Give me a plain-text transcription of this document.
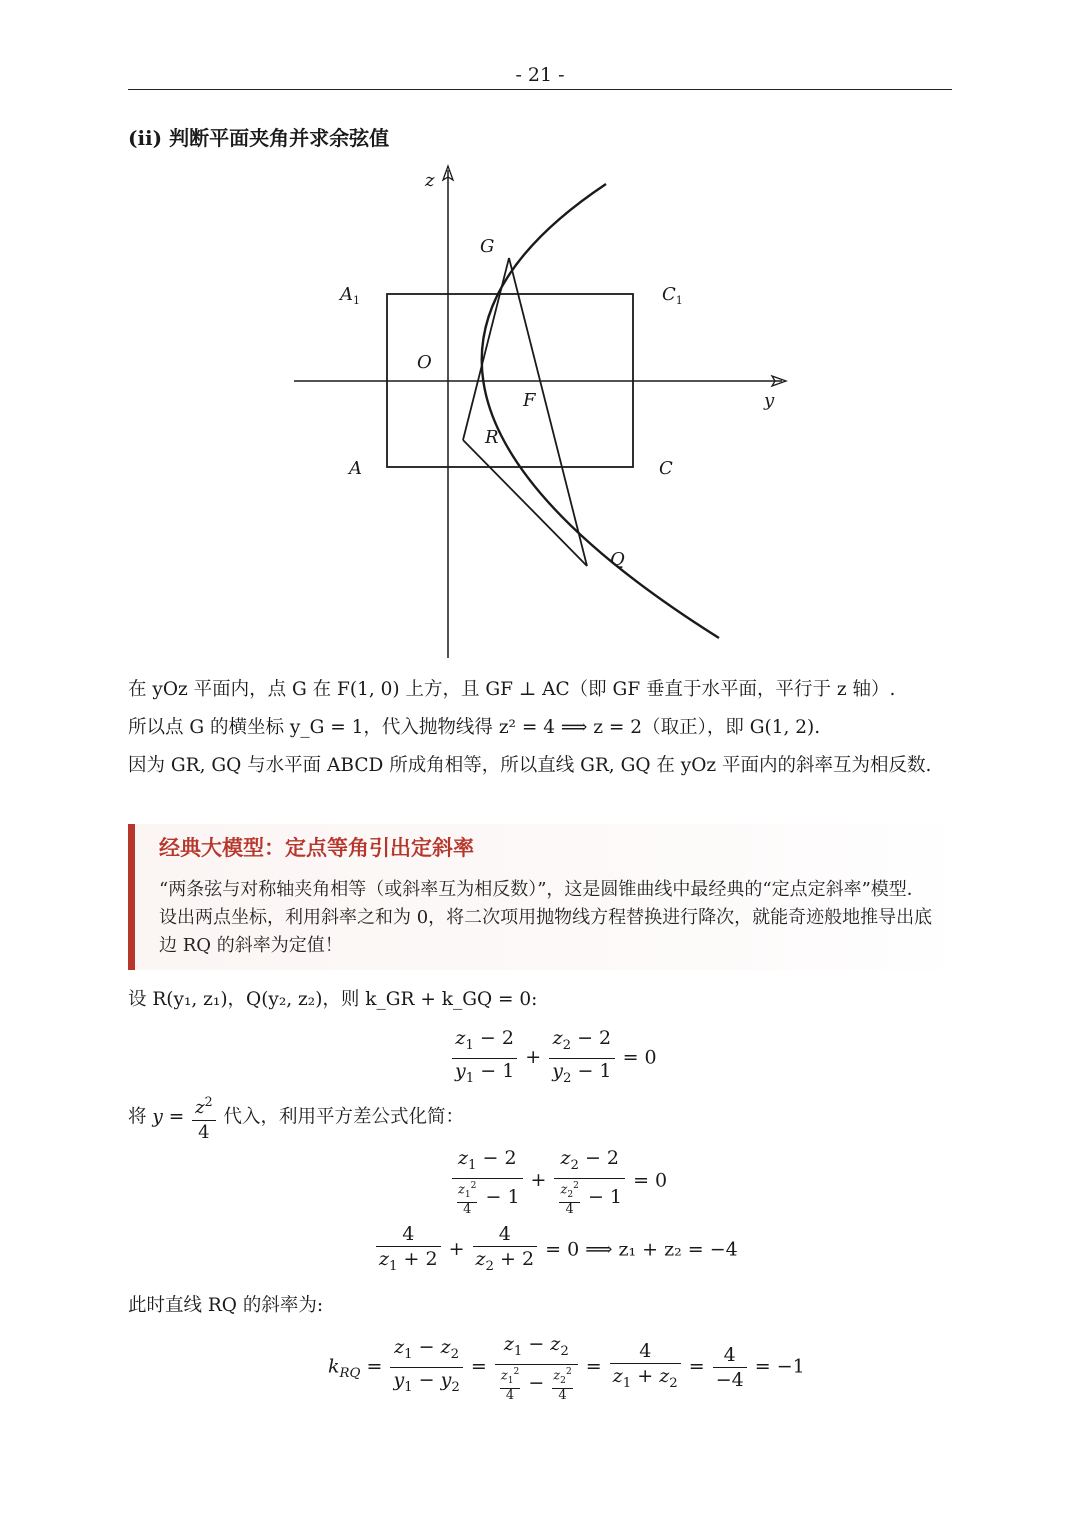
- 21 -
(ii) 判断平面夹角并求余弦值
z
y
G
$A_1$	$C_1$
O
F
R
A	C
Q
在 yOz 平面内，点 G 在 F(1, 0) 上方，且 GF ⊥ AC（即 GF 垂直于水平面，平行于 z 轴）.
所以点 G 的横坐标 y_G = 1，代入抛物线得 z² = 4 ⟹ z = 2（取正），即 G(1, 2).
因为 GR, GQ 与水平面 ABCD 所成角相等，所以直线 GR, GQ 在 yOz 平面内的斜率互为相反数.
经典大模型：定点等角引出定斜率
“两条弦与对称轴夹角相等（或斜率互为相反数）”，这是圆锥曲线中最经典的“定点定斜率”模型．设出两点坐标，利用斜率之和为 0，将二次项用抛物线方程替换进行降次，就能奇迹般地推导出底边 RQ 的斜率为定值！
设 R(y₁, z₁)，Q(y₂, z₂)，则 k_GR + k_GQ = 0:
$\frac{z_1 - 2}{y_1 - 1} + \frac{z_2 - 2}{y_2 - 1} = 0$
将 $y = \frac{z^2}{4}$ 代入，利用平方差公式化简：
$\frac{z_1 - 2}{\frac{z_1^2}{4} - 1} + \frac{z_2 - 2}{\frac{z_2^2}{4} - 1} = 0$
$\frac{4}{z_1 + 2} + \frac{4}{z_2 + 2} = 0$ ⟹ z₁ + z₂ = −4
此时直线 RQ 的斜率为:
$k_{RQ} = \frac{z_1 - z_2}{y_1 - y_2} = \frac{z_1 - z_2}{\frac{z_1^2}{4} - \frac{z_2^2}{4}} = \frac{4}{z_1 + z_2} = \frac{4}{-4} = -1$
